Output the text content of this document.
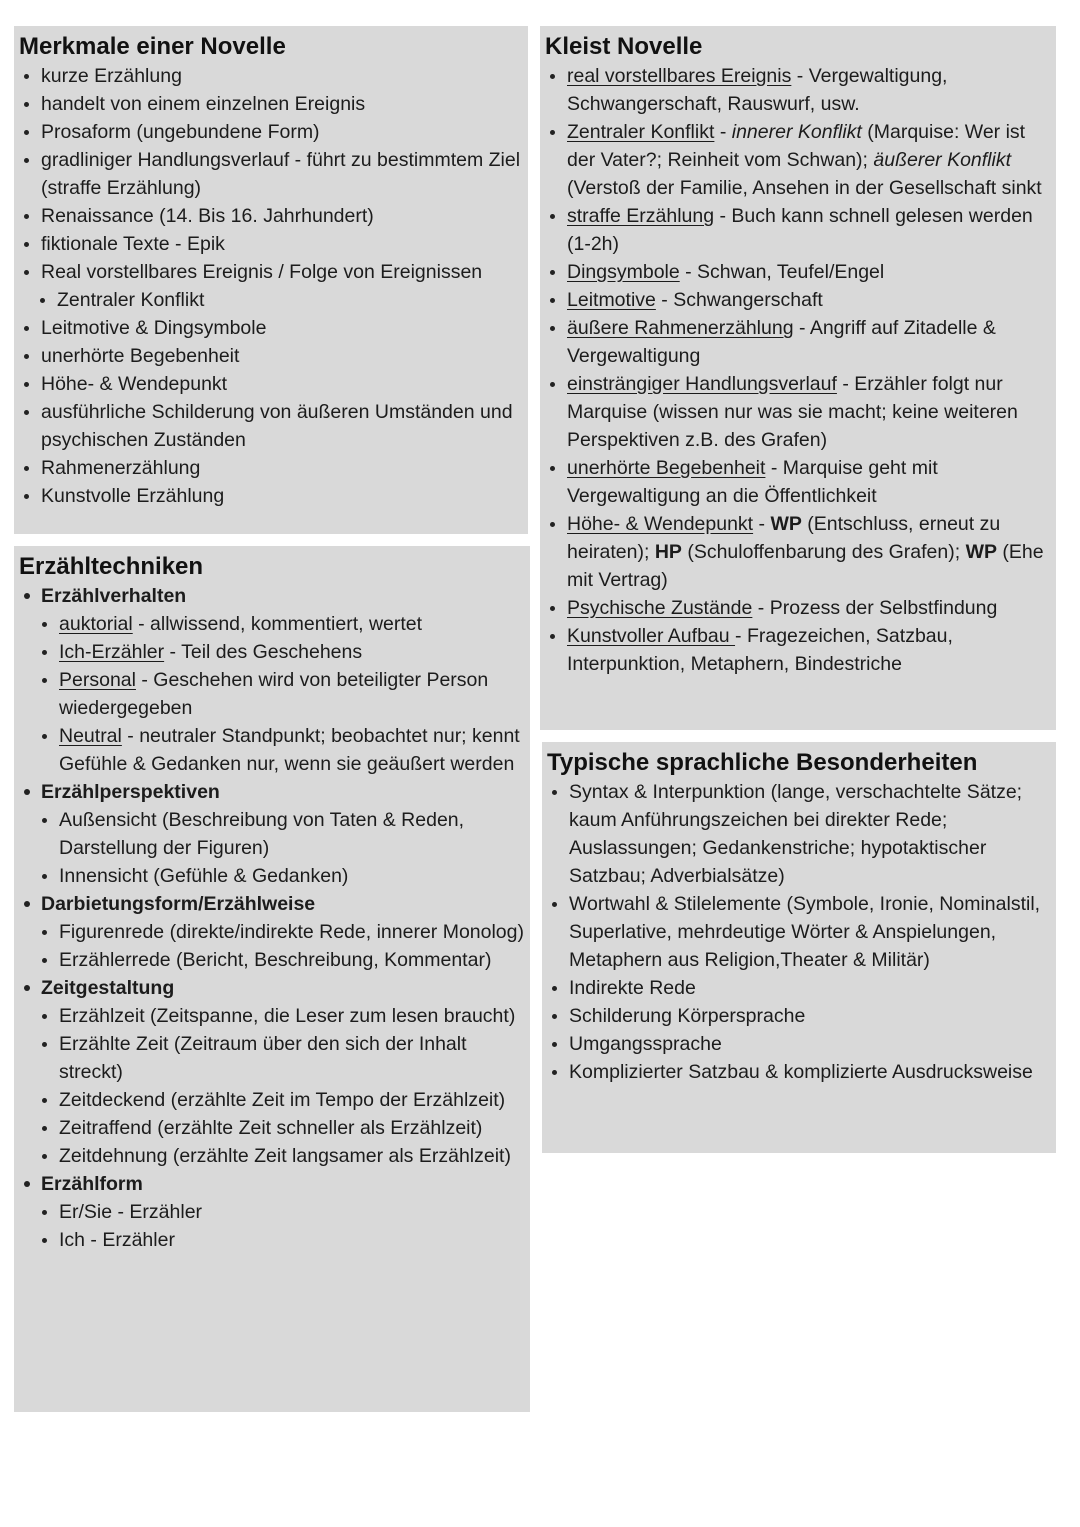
Merkmale einer Novelle
kurze Erzählung
handelt von einem einzelnen Ereignis
Prosaform (ungebundene Form)
gradliniger Handlungsverlauf - führt zu bestimmtem Ziel (straffe Erzählung)
Renaissance (14. Bis 16. Jahrhundert)
fiktionale Texte - Epik
Real vorstellbares Ereignis / Folge von Ereignissen
Zentraler Konflikt
Leitmotive & Dingsymbole
unerhörte Begebenheit
Höhe- & Wendepunkt
ausführliche Schilderung von äußeren Umständen und psychischen Zuständen
Rahmenerzählung
Kunstvolle Erzählung
Kleist Novelle
real vorstellbares Ereignis - Vergewaltigung, Schwangerschaft, Rauswurf, usw.
Zentraler Konflikt - innerer Konflikt (Marquise: Wer ist der Vater?; Reinheit vom Schwan); äußerer Konflikt (Verstoß der Familie, Ansehen in der Gesellschaft sinkt
straffe Erzählung - Buch kann schnell gelesen werden (1-2h)
Dingsymbole - Schwan, Teufel/Engel
Leitmotive - Schwangerschaft
äußere Rahmenerzählung - Angriff auf Zitadelle & Vergewaltigung
einsträngiger Handlungsverlauf - Erzähler folgt nur Marquise (wissen nur was sie macht; keine weiteren Perspektiven z.B. des Grafen)
unerhörte Begebenheit - Marquise geht mit Vergewaltigung an die Öffentlichkeit
Höhe- & Wendepunkt - WP (Entschluss, erneut zu heiraten); HP (Schuloffenbarung des Grafen); WP (Ehe mit Vertrag)
Psychische Zustände - Prozess der Selbstfindung
Kunstvoller Aufbau - Fragezeichen, Satzbau, Interpunktion, Metaphern, Bindestriche
Erzähltechniken
Erzählverhalten
auktorial - allwissend, kommentiert, wertet
Ich-Erzähler - Teil des Geschehens
Personal - Geschehen wird von beteiligter Person wiedergegeben
Neutral - neutraler Standpunkt; beobachtet nur; kennt Gefühle & Gedanken nur, wenn sie geäußert werden
Erzählperspektiven
Außensicht (Beschreibung von Taten & Reden, Darstellung der Figuren)
Innensicht (Gefühle & Gedanken)
Darbietungsform/Erzählweise
Figurenrede (direkte/indirekte Rede, innerer Monolog)
Erzählerrede (Bericht, Beschreibung, Kommentar)
Zeitgestaltung
Erzählzeit (Zeitspanne, die Leser zum lesen braucht)
Erzählte Zeit (Zeitraum über den sich der Inhalt streckt)
Zeitdeckend (erzählte Zeit im Tempo der Erzählzeit)
Zeitraffend (erzählte Zeit schneller als Erzählzeit)
Zeitdehnung (erzählte Zeit langsamer als Erzählzeit)
Erzählform
Er/Sie - Erzähler
Ich - Erzähler
Typische sprachliche Besonderheiten
Syntax & Interpunktion (lange, verschachtelte Sätze; kaum Anführungszeichen bei direkter Rede; Auslassungen; Gedankenstriche; hypotaktischer Satzbau; Adverbialsätze)
Wortwahl & Stilelemente (Symbole, Ironie, Nominalstil, Superlative, mehrdeutige Wörter & Anspielungen, Metaphern aus Religion,Theater & Militär)
Indirekte Rede
Schilderung Körpersprache
Umgangssprache
Komplizierter Satzbau & komplizierte Ausdrucksweise
